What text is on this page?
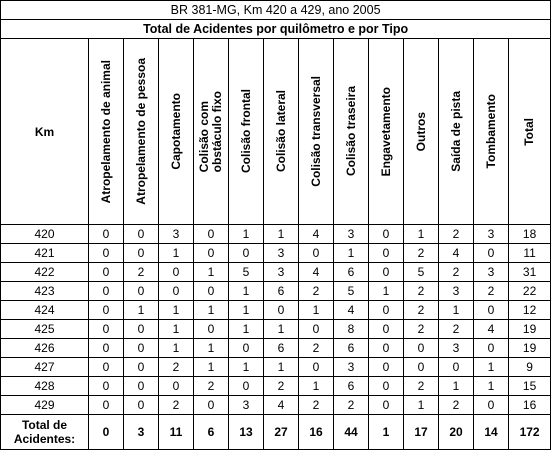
BR 381-MG, Km 420 a 429, ano 2005													
Total de Acidentes por quilômetro e por Tipo													
Km	Atropelamento de animal	Atropelamento de pessoa	Capotamento	Colisão com
obstáculo fixo	Colisão frontal	Colisão lateral	Colisão transversal	Colisão traseira	Engavetamento	Outros	Saída de pista	Tombamento	Total

420	0	0	3	0	1	1	4	3	0	1	2	3	18
421	0	0	1	0	0	3	0	1	0	2	4	0	11
422	0	2	0	1	5	3	4	6	0	5	2	3	31
423	0	0	0	0	1	6	2	5	1	2	3	2	22
424	0	1	1	1	1	0	1	4	0	2	1	0	12
425	0	0	1	0	1	1	0	8	0	2	2	4	19
426	0	0	1	1	0	6	2	6	0	0	3	0	19
427	0	0	2	1	1	1	0	3	0	0	0	1	9
428	0	0	0	2	0	2	1	6	0	2	1	1	15
429	0	0	2	0	3	4	2	2	0	1	2	0	16
Total de
Acidentes:	0	3	11	6	13	27	16	44	1	17	20	14	172
